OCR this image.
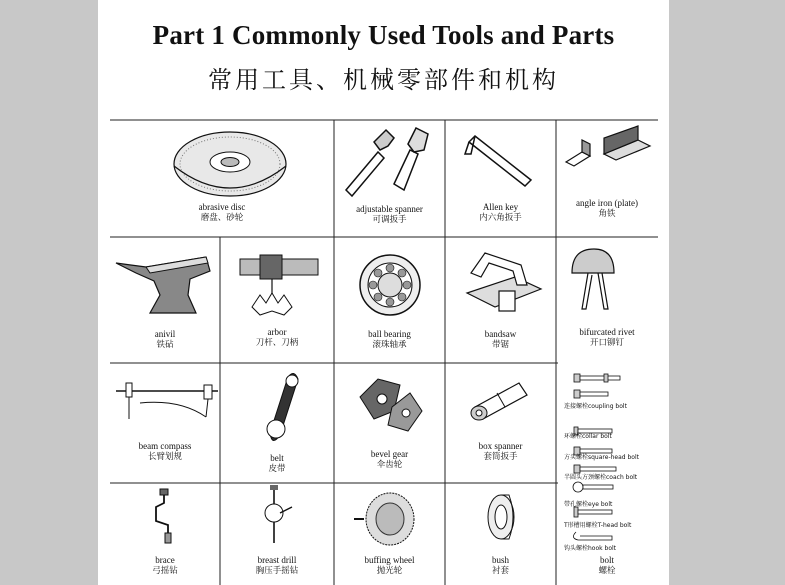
Part 1 Commonly Used Tools and Parts
常用工具、机械零部件和机构
abrasive disc
磨盘、砂轮
adjustable spanner
可调扳手
Allen key
内六角扳手
angle iron (plate)
角铁
anivil
铁砧
arbor
刀杆、刀柄
ball bearing
滚珠轴承
bandsaw
带锯
bifurcated rivet
开口铆钉
beam compass
长臂划规	belt
皮带
bevel gear
伞齿轮
box spanner
套筒扳手
连接螺栓coupling bolt
环螺栓collar bolt
方头螺栓square-head bolt
半圆头方颈螺栓coach bolt
带孔螺栓eye bolt
T形槽用螺栓T-head bolt
钩头螺栓hook bolt
brace
弓摇钻
breast drill
胸压手摇钻
buffing wheel
抛光轮
bush
衬套
bolt
螺栓
